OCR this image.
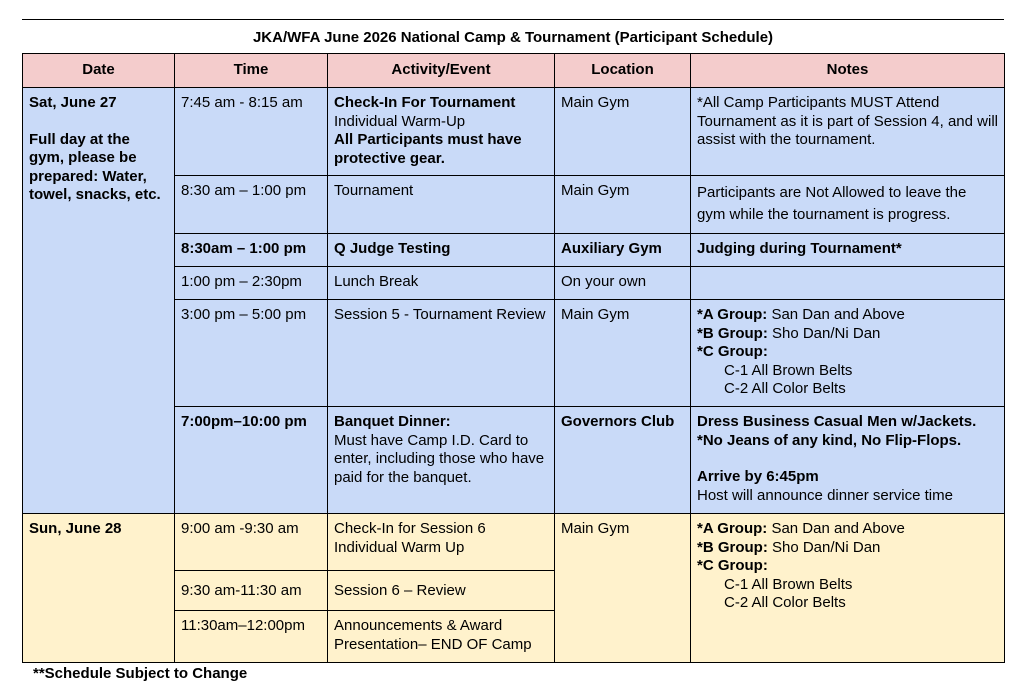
JKA/WFA June 2026 National Camp & Tournament (Participant Schedule)
Date	Time	Activity/Event	Location	Notes

Sat, June 27
Full day at the gym, please be prepared: Water, towel, snacks, etc.	7:45 am - 8:15 am	Check-In For Tournament
Individual Warm-Up
All Participants must have protective gear.	Main Gym	*All Camp Participants MUST Attend Tournament as it is part of Session 4, and will assist with the tournament.
	8:30 am – 1:00 pm	Tournament	Main Gym	Participants are Not Allowed to leave the gym while the tournament is progress.
	8:30am – 1:00 pm	Q Judge Testing	Auxiliary Gym	Judging during Tournament*
	1:00 pm – 2:30pm	Lunch Break	On your own	
	3:00 pm – 5:00 pm	Session 5 - Tournament Review	Main Gym	*A Group: San Dan and Above
*B Group: Sho Dan/Ni Dan
*C Group:
C-1 All Brown Belts
C-2 All Color Belts

	7:00pm–10:00 pm	Banquet Dinner:
Must have Camp I.D. Card to enter, including those who have paid for the banquet.	Governors Club	Dress Business Casual Men w/Jackets.
*No Jeans of any kind, No Flip-Flops.
Arrive by 6:45pm
Host will announce dinner service time

Sun, June 28	9:00 am -9:30 am	Check-In for Session 6 Individual Warm Up	Main Gym	*A Group: San Dan and Above
*B Group: Sho Dan/Ni Dan
*C Group:
C-1 All Brown Belts
C-2 All Color Belts

	9:30 am-11:30 am	Session 6 – Review		
	11:30am–12:00pm	Announcements & Award Presentation– END OF Camp		
**Schedule Subject to Change
